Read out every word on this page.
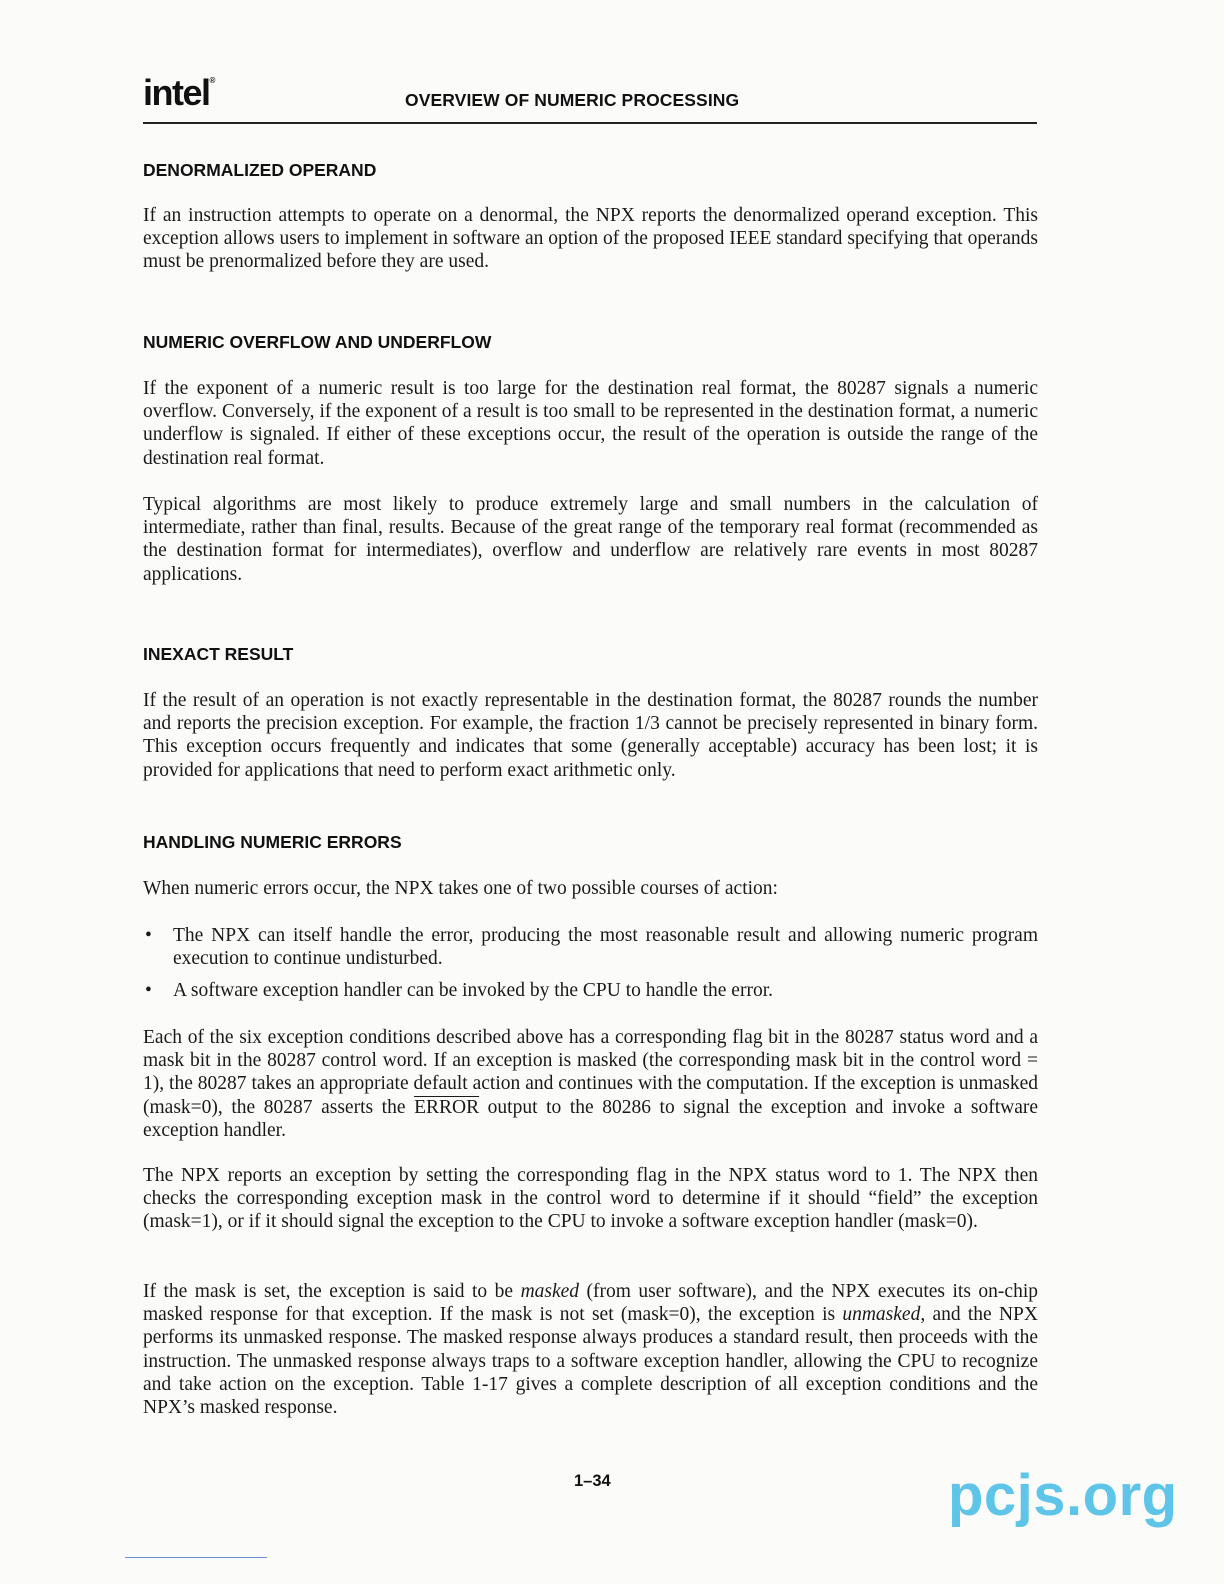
intel®
OVERVIEW OF NUMERIC PROCESSING
DENORMALIZED OPERAND

If an instruction attempts to operate on a denormal, the NPX reports the denormalized operand exception. This exception allows users to implement in software an option of the proposed IEEE standard specifying that operands must be prenormalized before they are used.

NUMERIC OVERFLOW AND UNDERFLOW

If the exponent of a numeric result is too large for the destination real format, the 80287 signals a numeric overflow. Conversely, if the exponent of a result is too small to be represented in the destination format, a numeric underflow is signaled. If either of these exceptions occur, the result of the operation is outside the range of the destination real format.

Typical algorithms are most likely to produce extremely large and small numbers in the calculation of intermediate, rather than final, results. Because of the great range of the temporary real format (recommended as the destination format for intermediates), overflow and underflow are relatively rare events in most 80287 applications.

INEXACT RESULT

If the result of an operation is not exactly representable in the destination format, the 80287 rounds the number and reports the precision exception. For example, the fraction 1/3 cannot be precisely represented in binary form. This exception occurs frequently and indicates that some (generally acceptable) accuracy has been lost; it is provided for applications that need to perform exact arithmetic only.

HANDLING NUMERIC ERRORS

When numeric errors occur, the NPX takes one of two possible courses of action:

• The NPX can itself handle the error, producing the most reasonable result and allowing numeric program execution to continue undisturbed.
• A software exception handler can be invoked by the CPU to handle the error.

Each of the six exception conditions described above has a corresponding flag bit in the 80287 status word and a mask bit in the 80287 control word. If an exception is masked (the corresponding mask bit in the control word = 1), the 80287 takes an appropriate default action and continues with the computation. If the exception is unmasked (mask=0), the 80287 asserts the ERROR output to the 80286 to signal the exception and invoke a software exception handler.

The NPX reports an exception by setting the corresponding flag in the NPX status word to 1. The NPX then checks the corresponding exception mask in the control word to determine if it should “field” the exception (mask=1), or if it should signal the exception to the CPU to invoke a software exception handler (mask=0).

If the mask is set, the exception is said to be masked (from user software), and the NPX executes its on-chip masked response for that exception. If the mask is not set (mask=0), the exception is unmasked, and the NPX performs its unmasked response. The masked response always produces a standard result, then proceeds with the instruction. The unmasked response always traps to a software exception handler, allowing the CPU to recognize and take action on the exception. Table 1-17 gives a complete description of all exception conditions and the NPX’s masked response.

1–34	pcjs.org
